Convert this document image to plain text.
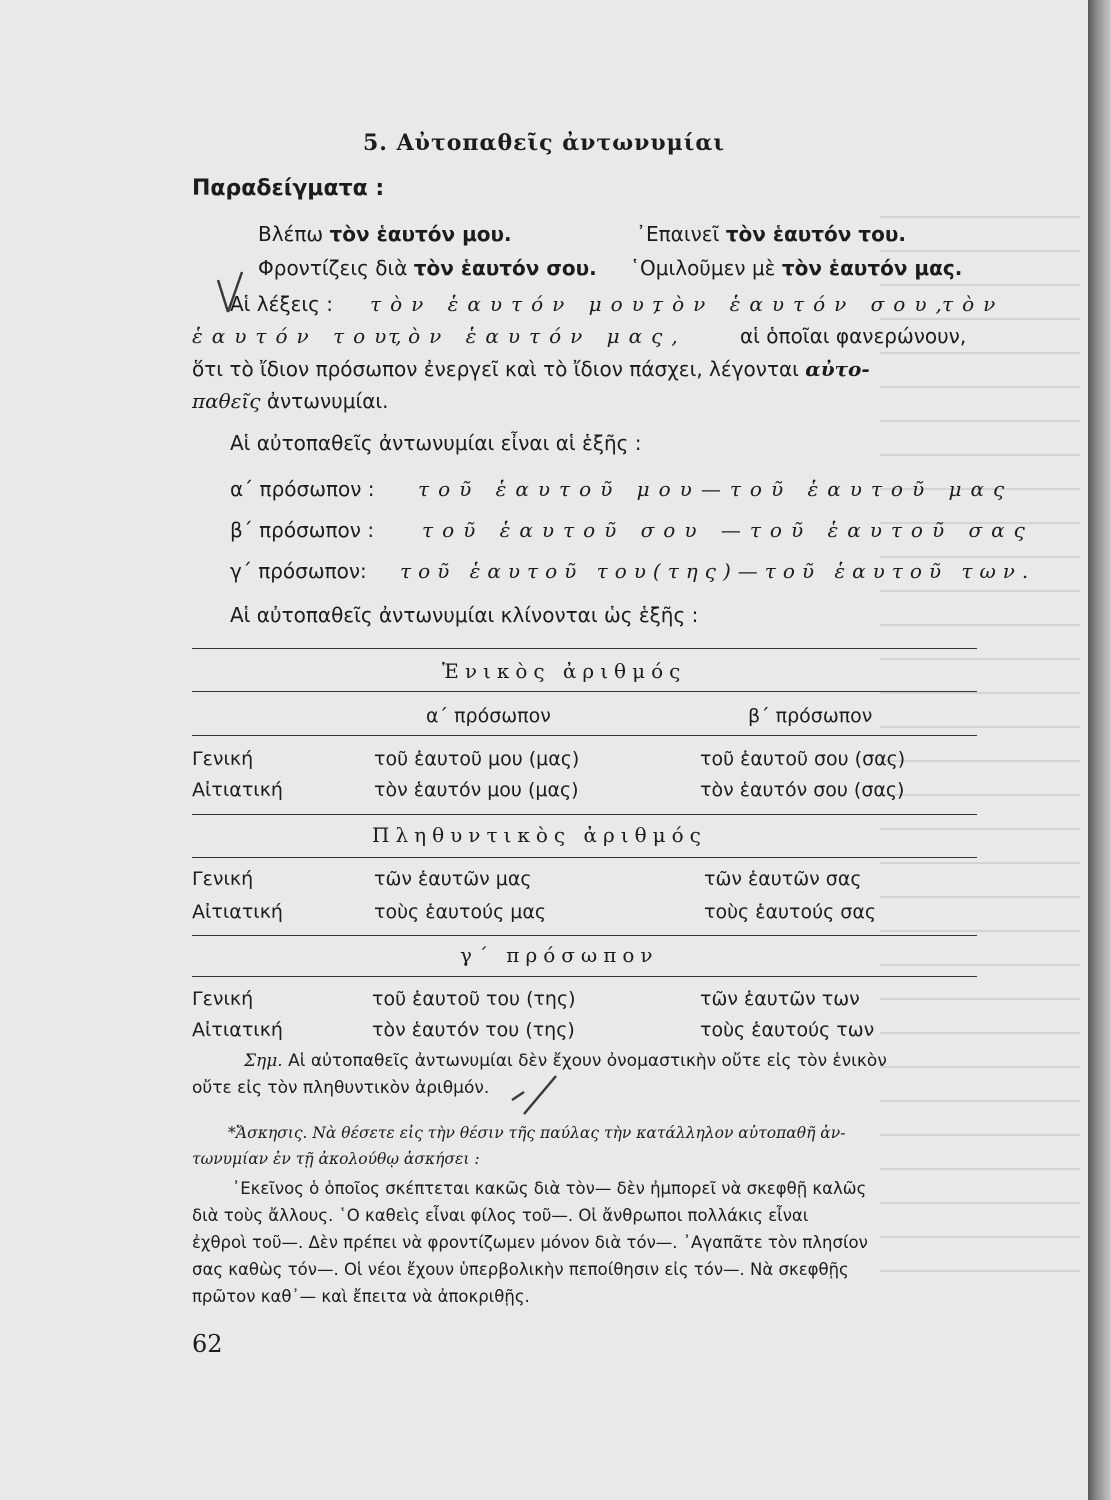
5. Αὐτοπαθεῖς ἀντωνυμίαι
Παραδείγματα :
Βλέπω τὸν ἑαυτόν μου.	᾿Επαινεῖ τὸν ἑαυτόν του.
Φροντίζεις διὰ τὸν ἑαυτόν σου. ῾Ομιλοῦμεν μὲ τὸν ἑαυτόν μας.
Αἱ λέξεις : τὸν ἑαυτόν μου,
τὸν ἑαυτόν σου,
τὸν
ἑαυτόν του,
τὸν ἑαυτόν μας,	αἱ ὁποῖαι φανερώνουν,
ὅτι τὸ ἴδιον πρόσωπον ἐνεργεῖ καὶ τὸ ἴδιον πάσχει, λέγονται αὐτο-
παθεῖς ἀντωνυμίαι.
Αἱ αὐτοπαθεῖς ἀντωνυμίαι εἶναι αἱ ἑξῆς :
α΄ πρόσωπον : τοῦ ἑαυτοῦ μου—τοῦ ἑαυτοῦ μας
β΄ πρόσωπον : τοῦ ἑαυτοῦ σου —τοῦ ἑαυτοῦ σας
γ΄ πρόσωπον: τοῦ ἑαυτοῦ του(της)—τοῦ ἑαυτοῦ των.
Αἱ αὐτοπαθεῖς ἀντωνυμίαι κλίνονται ὡς ἑξῆς :
Ἑνικὸς ἀριθμός
α΄ πρόσωπον	β΄ πρόσωπον
Γενική	τοῦ ἑαυτοῦ μου (μας)	τοῦ ἑαυτοῦ σου (σας)
Αἰτιατική	τὸν ἑαυτόν μου (μας)	τὸν ἑαυτόν σου (σας)
Πληθυντικὸς ἀριθμός
Γενική	τῶν ἑαυτῶν μας	τῶν ἑαυτῶν σας
Αἰτιατική	τοὺς ἑαυτούς μας	τοὺς ἑαυτούς σας
γ΄ πρόσωπον
Γενική	τοῦ ἑαυτοῦ του (της)	τῶν ἑαυτῶν των
Αἰτιατική	τὸν ἑαυτόν του (της)	τοὺς ἑαυτούς των
Σημ. Αἱ αὐτοπαθεῖς ἀντωνυμίαι δὲν ἔχουν ὀνομαστικὴν οὔτε εἰς τὸν ἑνικὸν
οὔτε εἰς τὸν πληθυντικὸν ἀριθμόν.
*Ἄσκησις. Νὰ θέσετε εἰς τὴν θέσιν τῆς παύλας τὴν κατάλληλον αὐτοπαθῆ ἀν-
τωνυμίαν ἐν τῇ ἀκολούθῳ ἀσκήσει :
᾿Εκεῖνος ὁ ὁποῖος σκέπτεται κακῶς διὰ τὸν— δὲν ἠμπορεῖ νὰ σκεφθῇ καλῶς
διὰ τοὺς ἄλλους. ῾Ο καθεὶς εἶναι φίλος τοῦ—. Οἱ ἄνθρωποι πολλάκις εἶναι
ἐχθροὶ τοῦ—. Δὲν πρέπει νὰ φροντίζωμεν μόνον διὰ τόν—. ᾿Αγαπᾶτε τὸν πλησίον
σας καθὼς τόν—. Οἱ νέοι ἔχουν ὑπερβολικὴν πεποίθησιν εἰς τόν—. Νὰ σκεφθῇς
πρῶτον καθ᾿— καὶ ἔπειτα νὰ ἀποκριθῇς.
62
